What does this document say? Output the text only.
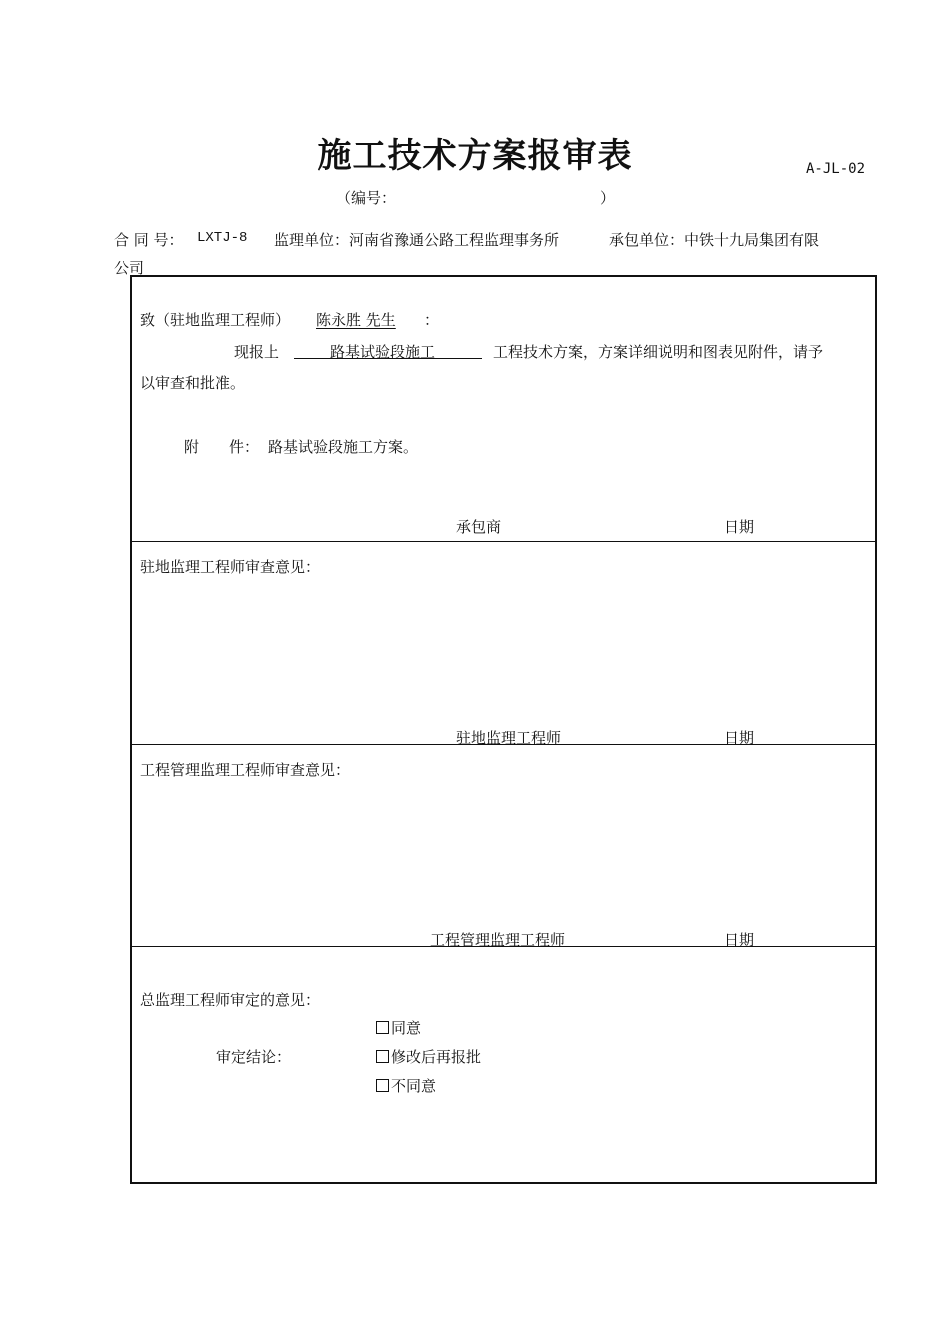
施工技术方案报审表	A-JL-02
（编号：	）
合 同 号： LXTJ-8 监理单位： 河南省豫通公路工程监理事务所	承包单位： 中铁十九局集团有限
公司
致（驻地监理工程师） 陈永胜 先生 ：
现报上	路基试验段施工	工程技术方案，方案详细说明和图表见附件，请予
以审查和批准。
附　　件： 路基试验段施工方案。
承包商	日期
驻地监理工程师审查意见：
驻地监理工程师	日期
工程管理监理工程师审查意见：
工程管理监理工程师	日期
总监理工程师审定的意见：
审定结论：
同意
修改后再报批
不同意
